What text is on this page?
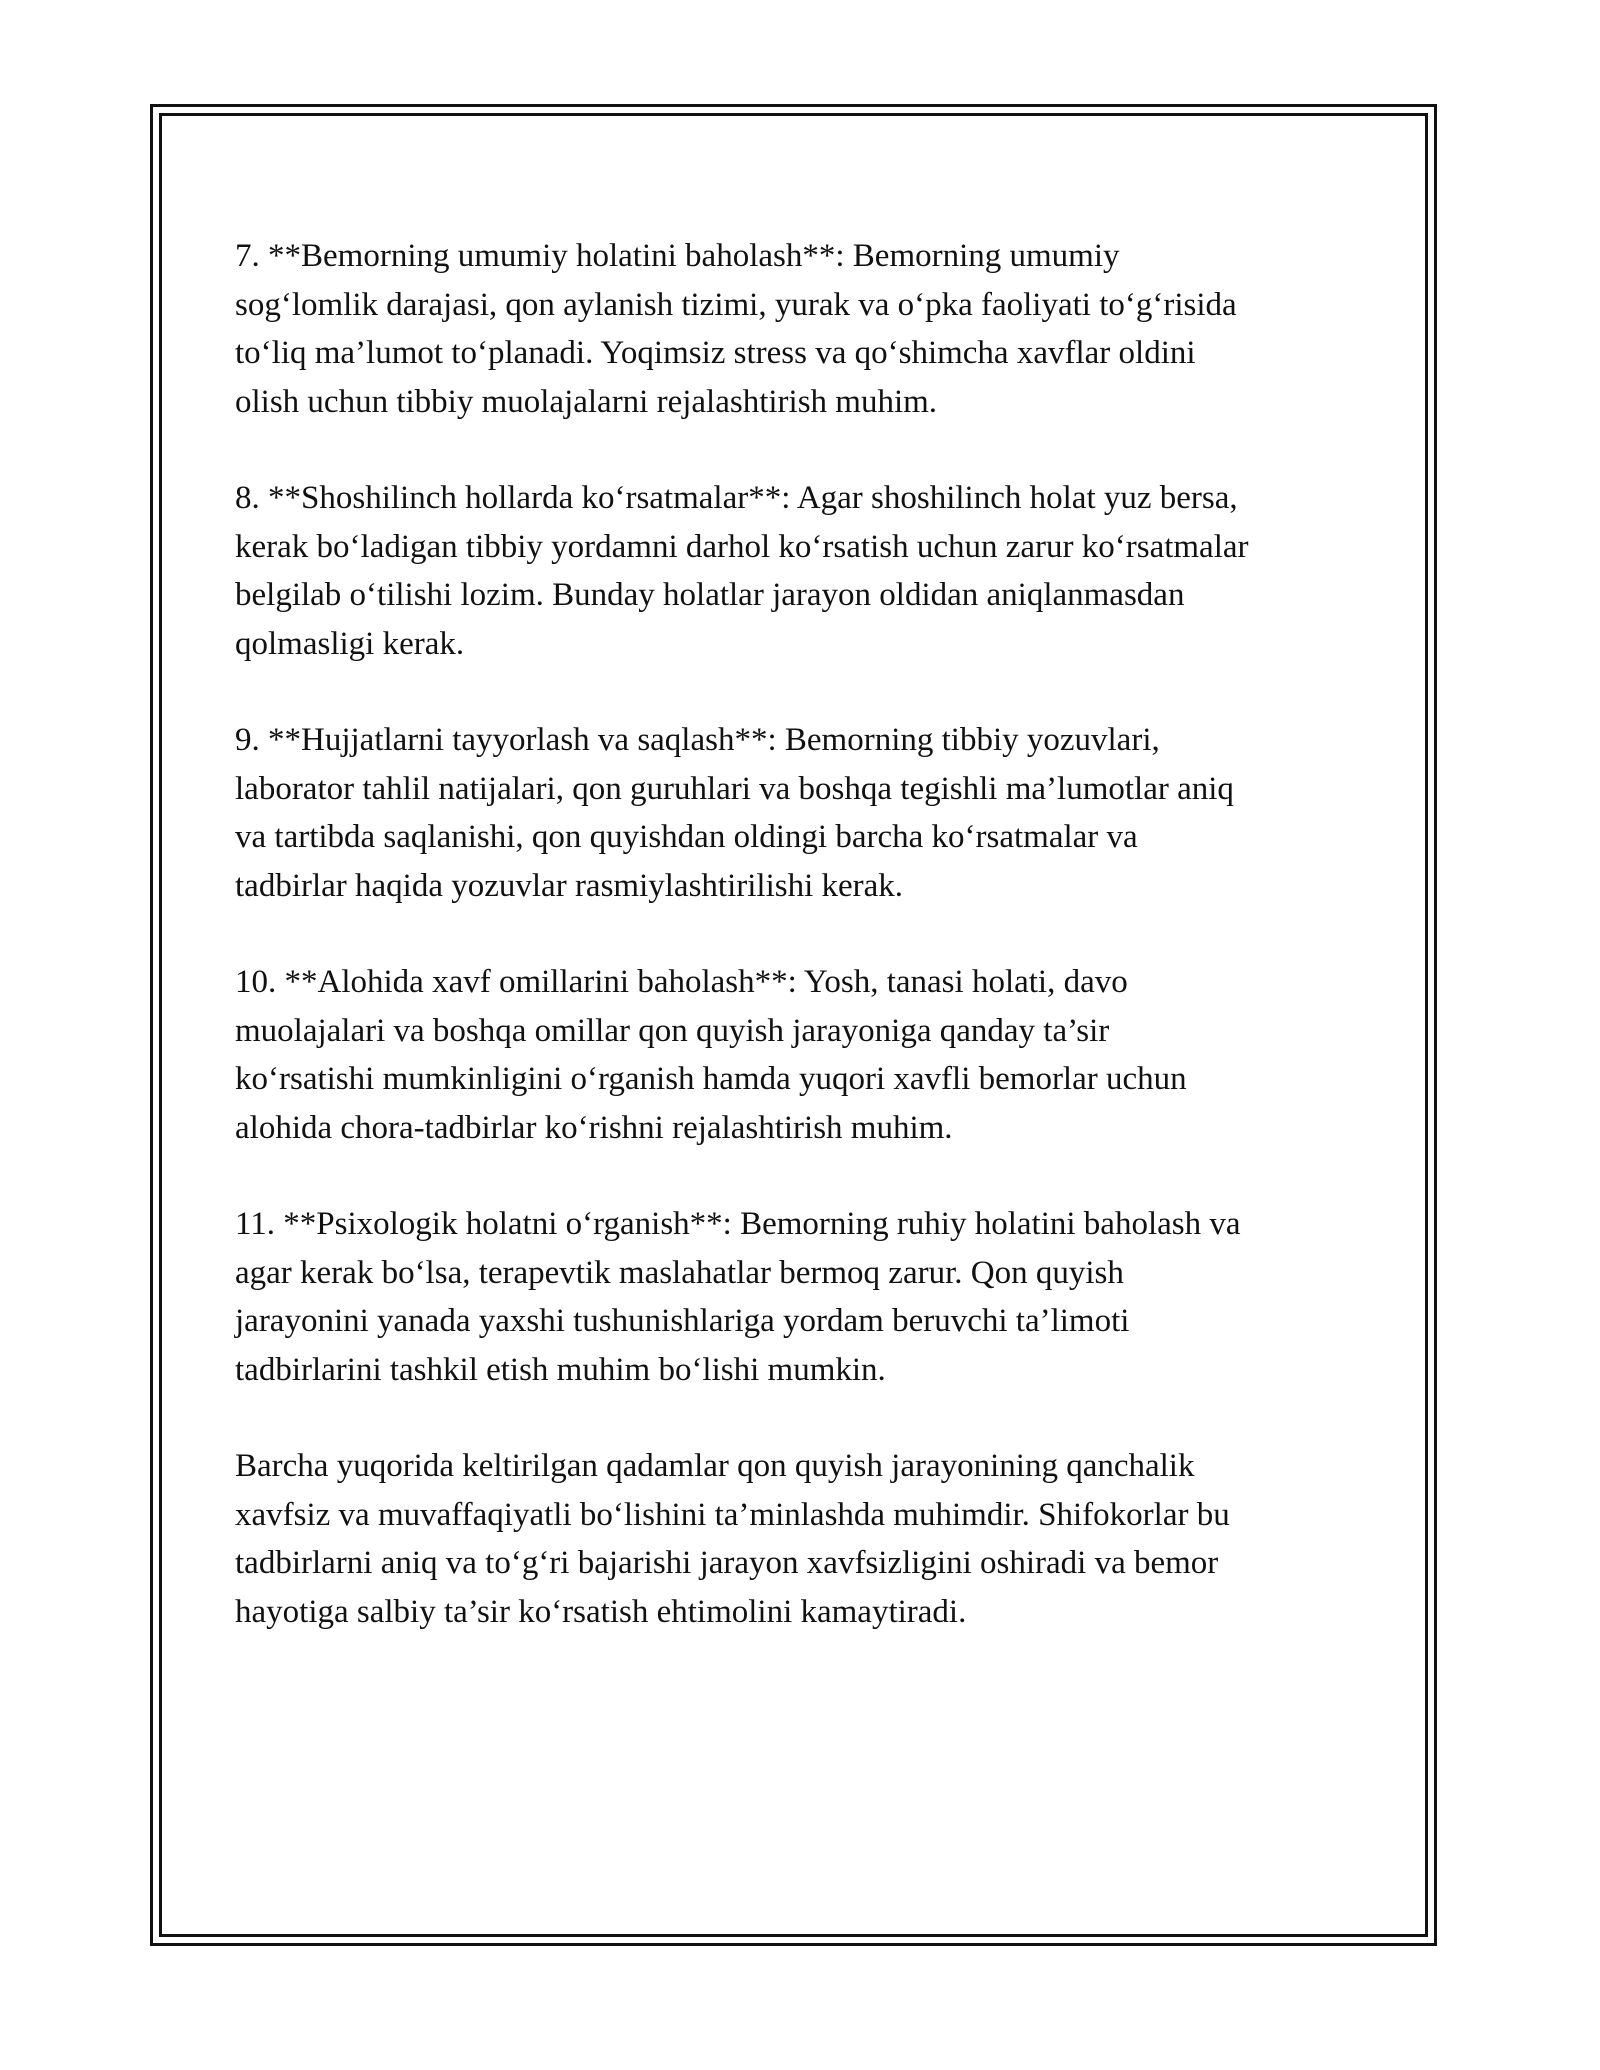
7. **Bemorning umumiy holatini baholash**: Bemorning umumiy
sog‘lomlik darajasi, qon aylanish tizimi, yurak va o‘pka faoliyati to‘g‘risida
to‘liq ma’lumot to‘planadi. Yoqimsiz stress va qo‘shimcha xavflar oldini
olish uchun tibbiy muolajalarni rejalashtirish muhim.

8. **Shoshilinch hollarda ko‘rsatmalar**: Agar shoshilinch holat yuz bersa,
kerak bo‘ladigan tibbiy yordamni darhol ko‘rsatish uchun zarur ko‘rsatmalar
belgilab o‘tilishi lozim. Bunday holatlar jarayon oldidan aniqlanmasdan
qolmasligi kerak.

9. **Hujjatlarni tayyorlash va saqlash**: Bemorning tibbiy yozuvlari,
laborator tahlil natijalari, qon guruhlari va boshqa tegishli ma’lumotlar aniq
va tartibda saqlanishi, qon quyishdan oldingi barcha ko‘rsatmalar va
tadbirlar haqida yozuvlar rasmiylashtirilishi kerak.

10. **Alohida xavf omillarini baholash**: Yosh, tanasi holati, davo
muolajalari va boshqa omillar qon quyish jarayoniga qanday ta’sir
ko‘rsatishi mumkinligini o‘rganish hamda yuqori xavfli bemorlar uchun
alohida chora-tadbirlar ko‘rishni rejalashtirish muhim.

11. **Psixologik holatni o‘rganish**: Bemorning ruhiy holatini baholash va
agar kerak bo‘lsa, terapevtik maslahatlar bermoq zarur. Qon quyish
jarayonini yanada yaxshi tushunishlariga yordam beruvchi ta’limoti
tadbirlarini tashkil etish muhim bo‘lishi mumkin.

Barcha yuqorida keltirilgan qadamlar qon quyish jarayonining qanchalik
xavfsiz va muvaffaqiyatli bo‘lishini ta’minlashda muhimdir. Shifokorlar bu
tadbirlarni aniq va to‘g‘ri bajarishi jarayon xavfsizligini oshiradi va bemor
hayotiga salbiy ta’sir ko‘rsatish ehtimolini kamaytiradi.
